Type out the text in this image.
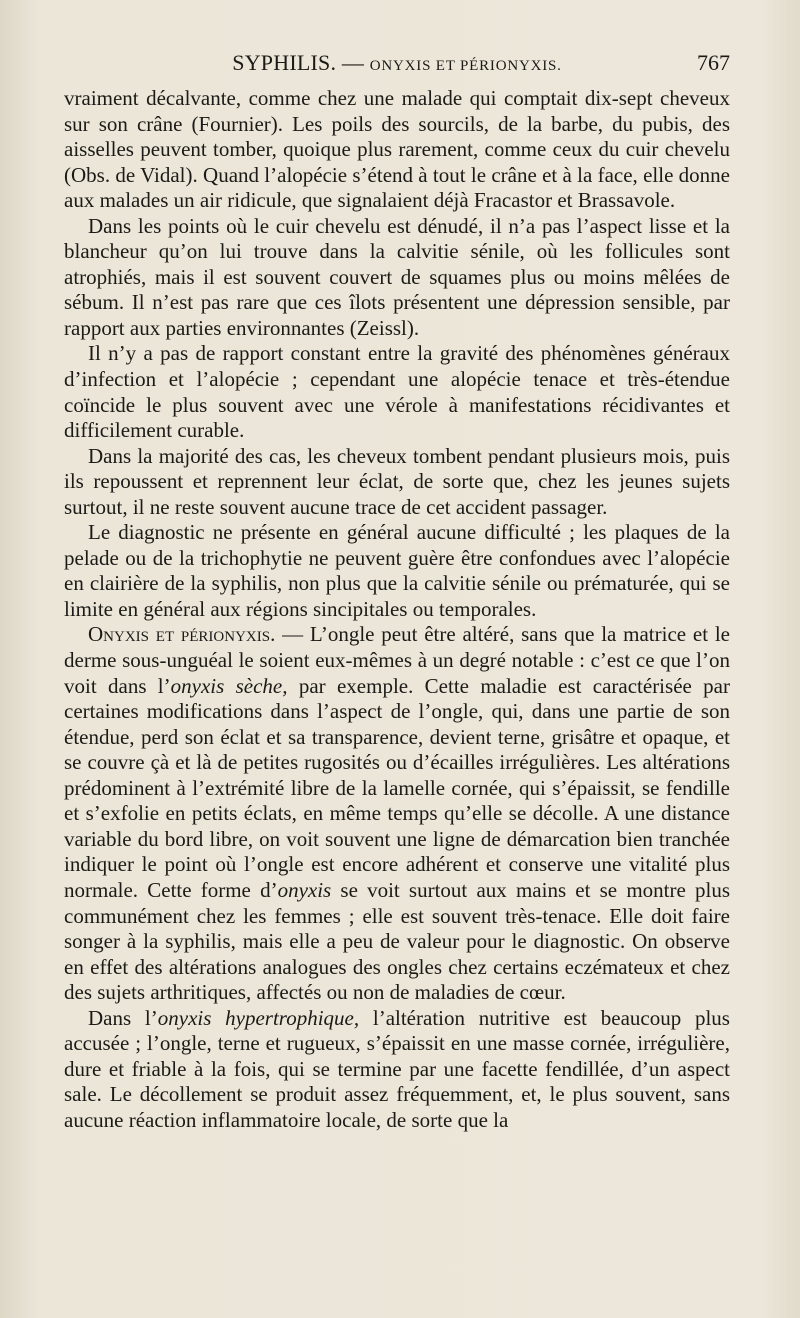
SYPHILIS. — ONYXIS ET PÉRIONYXIS.	767

vraiment décalvante, comme chez une malade qui comptait dix-sept cheveux sur son crâne (Fournier). Les poils des sourcils, de la barbe, du pubis, des aisselles peuvent tomber, quoique plus rarement, comme ceux du cuir chevelu (Obs. de Vidal). Quand l’alopécie s’étend à tout le crâne et à la face, elle donne aux malades un air ridicule, que signalaient déjà Fracastor et Brassavole.

Dans les points où le cuir chevelu est dénudé, il n’a pas l’aspect lisse et la blancheur qu’on lui trouve dans la calvitie sénile, où les follicules sont atrophiés, mais il est souvent couvert de squames plus ou moins mêlées de sébum. Il n’est pas rare que ces îlots présentent une dépression sensible, par rapport aux parties environnantes (Zeissl).

Il n’y a pas de rapport constant entre la gravité des phénomènes généraux d’infection et l’alopécie ; cependant une alopécie tenace et très-étendue coïncide le plus souvent avec une vérole à manifestations récidivantes et difficilement curable.

Dans la majorité des cas, les cheveux tombent pendant plusieurs mois, puis ils repoussent et reprennent leur éclat, de sorte que, chez les jeunes sujets surtout, il ne reste souvent aucune trace de cet accident passager.

Le diagnostic ne présente en général aucune difficulté ; les plaques de la pelade ou de la trichophytie ne peuvent guère être confondues avec l’alopécie en clairière de la syphilis, non plus que la calvitie sénile ou prématurée, qui se limite en général aux régions sincipitales ou temporales.

Onyxis et périonyxis. — L’ongle peut être altéré, sans que la matrice et le derme sous-unguéal le soient eux-mêmes à un degré notable : c’est ce que l’on voit dans l’onyxis sèche, par exemple. Cette maladie est caractérisée par certaines modifications dans l’aspect de l’ongle, qui, dans une partie de son étendue, perd son éclat et sa transparence, devient terne, grisâtre et opaque, et se couvre çà et là de petites rugosités ou d’écailles irrégulières. Les altérations prédominent à l’extrémité libre de la lamelle cornée, qui s’épaissit, se fendille et s’exfolie en petits éclats, en même temps qu’elle se décolle. A une distance variable du bord libre, on voit souvent une ligne de démarcation bien tranchée indiquer le point où l’ongle est encore adhérent et conserve une vitalité plus normale. Cette forme d’onyxis se voit surtout aux mains et se montre plus communément chez les femmes ; elle est souvent très-tenace. Elle doit faire songer à la syphilis, mais elle a peu de valeur pour le diagnostic. On observe en effet des altérations analogues des ongles chez certains eczémateux et chez des sujets arthritiques, affectés ou non de maladies de cœur.

Dans l’onyxis hypertrophique, l’altération nutritive est beaucoup plus accusée ; l’ongle, terne et rugueux, s’épaissit en une masse cornée, irrégulière, dure et friable à la fois, qui se termine par une facette fendillée, d’un aspect sale. Le décollement se produit assez fréquemment, et, le plus souvent, sans aucune réaction inflammatoire locale, de sorte que la
